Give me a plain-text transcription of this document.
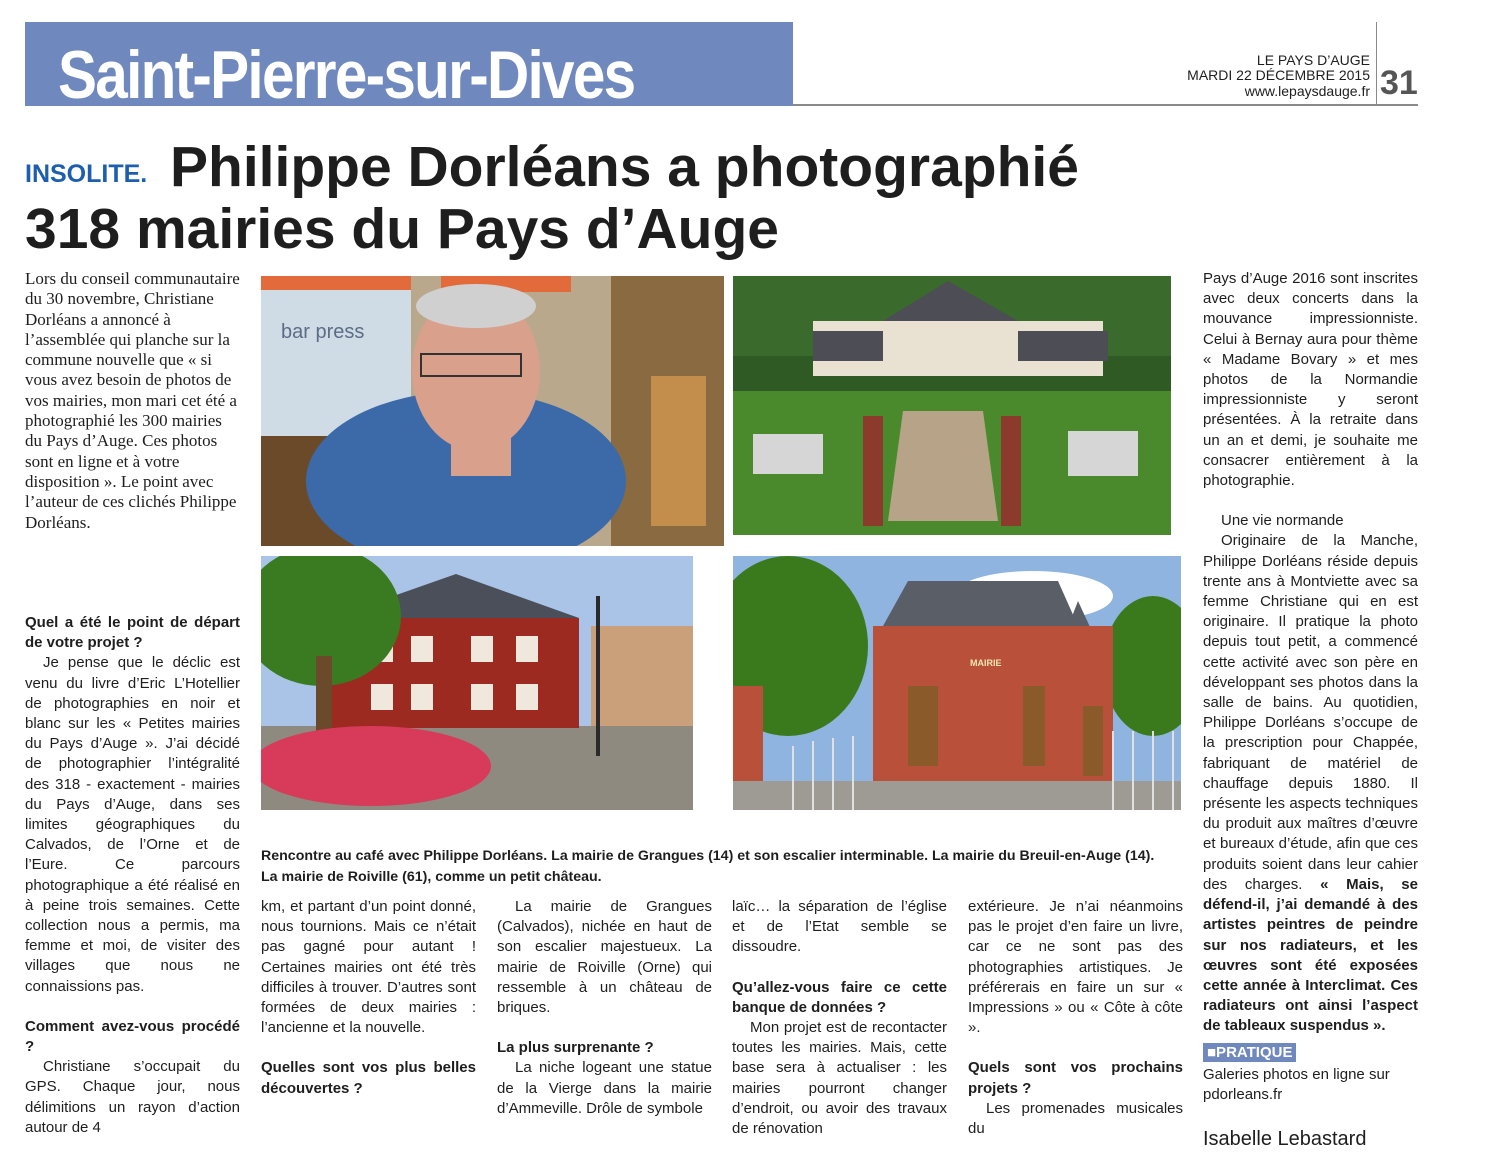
Saint-Pierre-sur-Dives	LE PAYS D’AUGE
MARDI 22 DÉCEMBRE 2015
www.lepaysdauge.fr 31
INSOLITE. Philippe Dorléans a photographié
318 mairies du Pays d’Auge

Lors du conseil communautaire du 30 novembre, Christiane Dorléans a annoncé à l’assemblée qui planche sur la commune nouvelle que « si vous avez besoin de photos de vos mairies, mon mari cet été a photographié les 300 mairies du Pays d’Auge. Ces photos sont en ligne et à votre disposition ». Le point avec l’auteur de ces clichés Philippe Dorléans.

Quel a été le point de départ de votre projet ?

Je pense que le déclic est venu du livre d’Eric L’Hotellier de photographies en noir et blanc sur les « Petites mairies du Pays d’Auge ». J’ai décidé de photographier l’intégralité des 318 - exactement - mairies du Pays d’Auge, dans ses limites géographiques du Calvados, de l’Orne et de l’Eure. Ce parcours photographique a été réalisé en à peine trois semaines. Cette collection nous a permis, ma femme et moi, de visiter des villages que nous ne connaissions pas.

Comment avez-vous procédé ?

Christiane s’occupait du GPS. Chaque jour, nous délimitions un rayon d’action autour de 4

bar press
MAIRIE

Rencontre au café avec Philippe Dorléans. La mairie de Grangues (14) et son escalier interminable. La mairie du Breuil-en-Auge (14). La mairie de Roiville (61), comme un petit château.

km, et partant d’un point donné, nous tournions. Mais ce n’était pas gagné pour autant ! Certaines mairies ont été très difficiles à trouver. D’autres sont formées de deux mairies : l’ancienne et la nouvelle.

Quelles sont vos plus belles découvertes ?

La mairie de Grangues (Calvados), nichée en haut de son escalier majestueux. La mairie de Roiville (Orne) qui ressemble à un château de briques.

La plus surprenante ?

La niche logeant une statue de la Vierge dans la mairie d’Ammeville. Drôle de symbole

laïc… la séparation de l’église et de l’Etat semble se dissoudre.

Qu’allez-vous faire ce cette banque de données ?

Mon projet est de recontacter toutes les mairies. Mais, cette base sera à actualiser : les mairies pourront changer d’endroit, ou avoir des travaux de rénovation

extérieure. Je n’ai néanmoins pas le projet d’en faire un livre, car ce ne sont pas des photographies artistiques. Je préférerais en faire un sur « Impressions » ou « Côte à côte ».

Quels sont vos prochains projets ?

Les promenades musicales du

Pays d’Auge 2016 sont inscrites avec deux concerts dans la mouvance impressionniste. Celui à Bernay aura pour thème « Madame Bovary » et mes photos de la Normandie impressionniste y seront présentées. À la retraite dans un an et demi, je souhaite me consacrer entièrement à la photographie.

Une vie normande

Originaire de la Manche, Philippe Dorléans réside depuis trente ans à Montviette avec sa femme Christiane qui en est originaire. Il pratique la photo depuis tout petit, a commencé cette activité avec son père en développant ses photos dans la salle de bains. Au quotidien, Philippe Dorléans s’occupe de la prescription pour Chappée, fabriquant de matériel de chauffage depuis 1880. Il présente les aspects techniques du produit aux maîtres d’œuvre et bureaux d’étude, afin que ces produits soient dans leur cahier des charges. « Mais, se défend-il, j’ai demandé à des artistes peintres de peindre sur nos radiateurs, et les œuvres sont été exposées cette année à Interclimat. Ces radiateurs ont ainsi l’aspect de tableaux suspendus ».

■PRATIQUE

Galeries photos en ligne sur pdorleans.fr

Isabelle Lebastard
